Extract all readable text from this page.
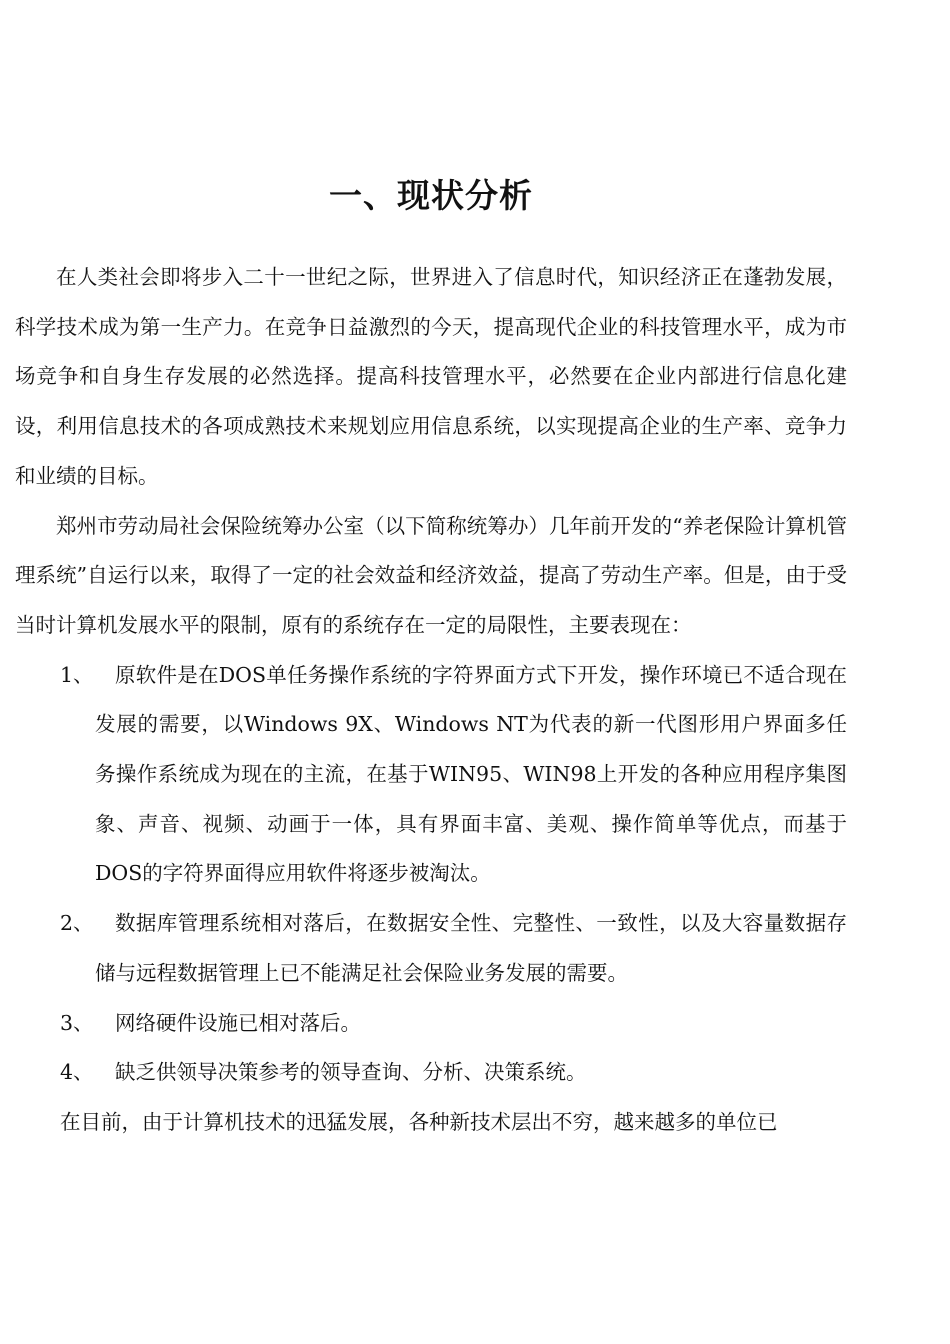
一、现状分析

在人类社会即将步入二十一世纪之际，世界进入了信息时代，知识经济正在蓬勃发展，科学技术成为第一生产力。在竞争日益激烈的今天，提高现代企业的科技管理水平，成为市场竞争和自身生存发展的必然选择。提高科技管理水平，必然要在企业内部进行信息化建设，利用信息技术的各项成熟技术来规划应用信息系统，以实现提高企业的生产率、竞争力和业绩的目标。

郑州市劳动局社会保险统筹办公室（以下简称统筹办）几年前开发的“养老保险计算机管理系统”自运行以来，取得了一定的社会效益和经济效益，提高了劳动生产率。但是，由于受当时计算机发展水平的限制，原有的系统存在一定的局限性，主要表现在：

1、 原软件是在DOS单任务操作系统的字符界面方式下开发，操作环境已不适合现在发展的需要，以Windows 9X、Windows NT为代表的新一代图形用户界面多任务操作系统成为现在的主流，在基于WIN95、WIN98上开发的各种应用程序集图象、声音、视频、动画于一体，具有界面丰富、美观、操作简单等优点，而基于DOS的字符界面得应用软件将逐步被淘汰。
2、 数据库管理系统相对落后，在数据安全性、完整性、一致性，以及大容量数据存储与远程数据管理上已不能满足社会保险业务发展的需要。
3、 网络硬件设施已相对落后。
4、 缺乏供领导决策参考的领导查询、分析、决策系统。

在目前，由于计算机技术的迅猛发展，各种新技术层出不穷，越来越多的单位已
